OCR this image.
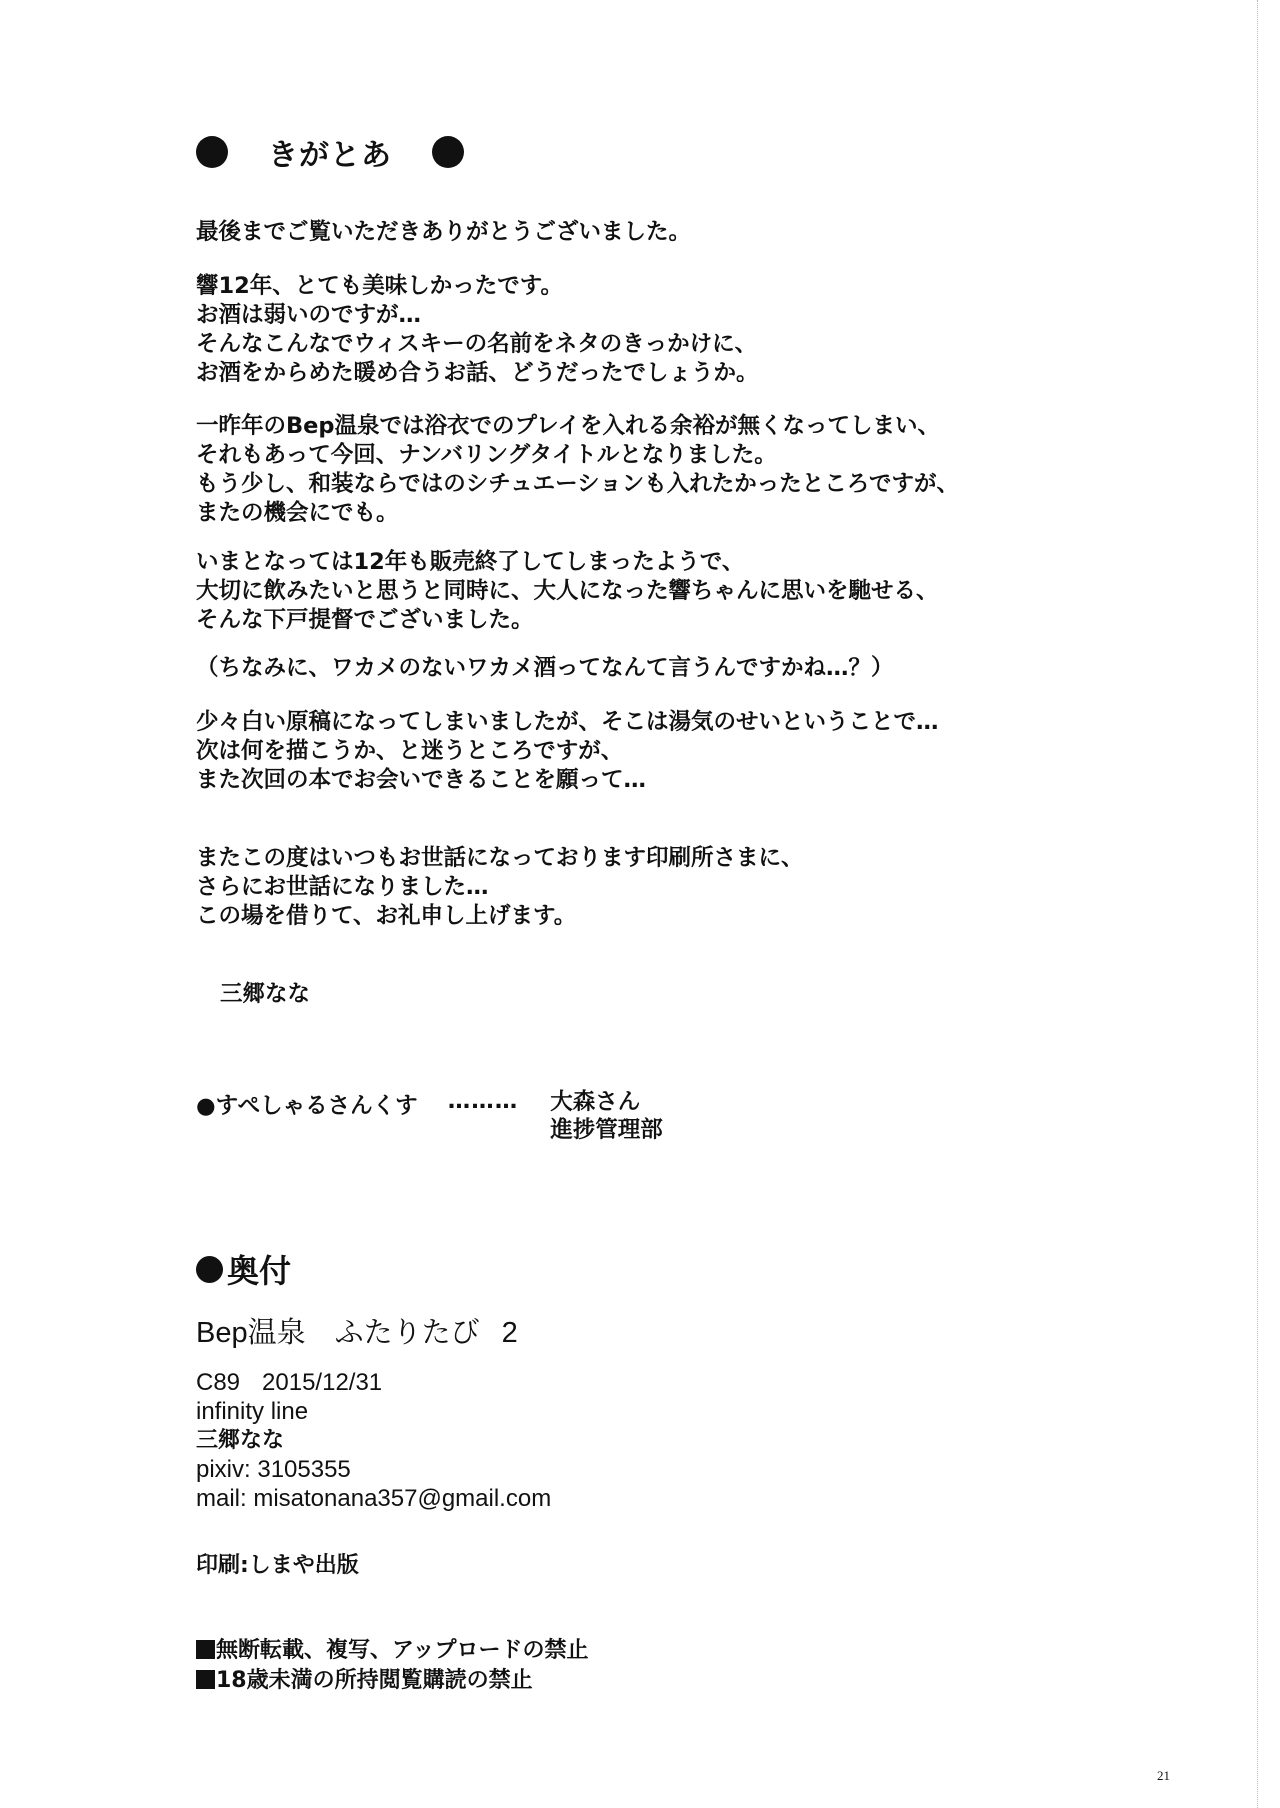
きがとあ

最後までご覧いただきありがとうございました。

響12年、とても美味しかったです。
お酒は弱いのですが…
そんなこんなでウィスキーの名前をネタのきっかけに、
お酒をからめた暖め合うお話、どうだったでしょうか。

一昨年のBep温泉では浴衣でのプレイを入れる余裕が無くなってしまい、
それもあって今回、ナンバリングタイトルとなりました。
もう少し、和装ならではのシチュエーションも入れたかったところですが、
またの機会にでも。

いまとなっては12年も販売終了してしまったようで、
大切に飲みたいと思うと同時に、大人になった響ちゃんに思いを馳せる、
そんな下戸提督でございました。

（ちなみに、ワカメのないワカメ酒ってなんて言うんですかね…？）

少々白い原稿になってしまいましたが、そこは湯気のせいということで…
次は何を描こうか、と迷うところですが、
また次回の本でお会いできることを願って…

またこの度はいつもお世話になっております印刷所さまに、
さらにお世話になりました…
この場を借りて、お礼申し上げます。

三郷なな

●すぺしゃるさんくす ……… 大森さん
進捗管理部
奥付
Bep温泉　ふたりたび 2
C89 2015/12/31
infinity line
三郷なな
pixiv: 3105355
mail: misatonana357@gmail.com

印刷:しまや出版

無断転載、複写、アップロードの禁止
18歳未満の所持閲覧購読の禁止
21
